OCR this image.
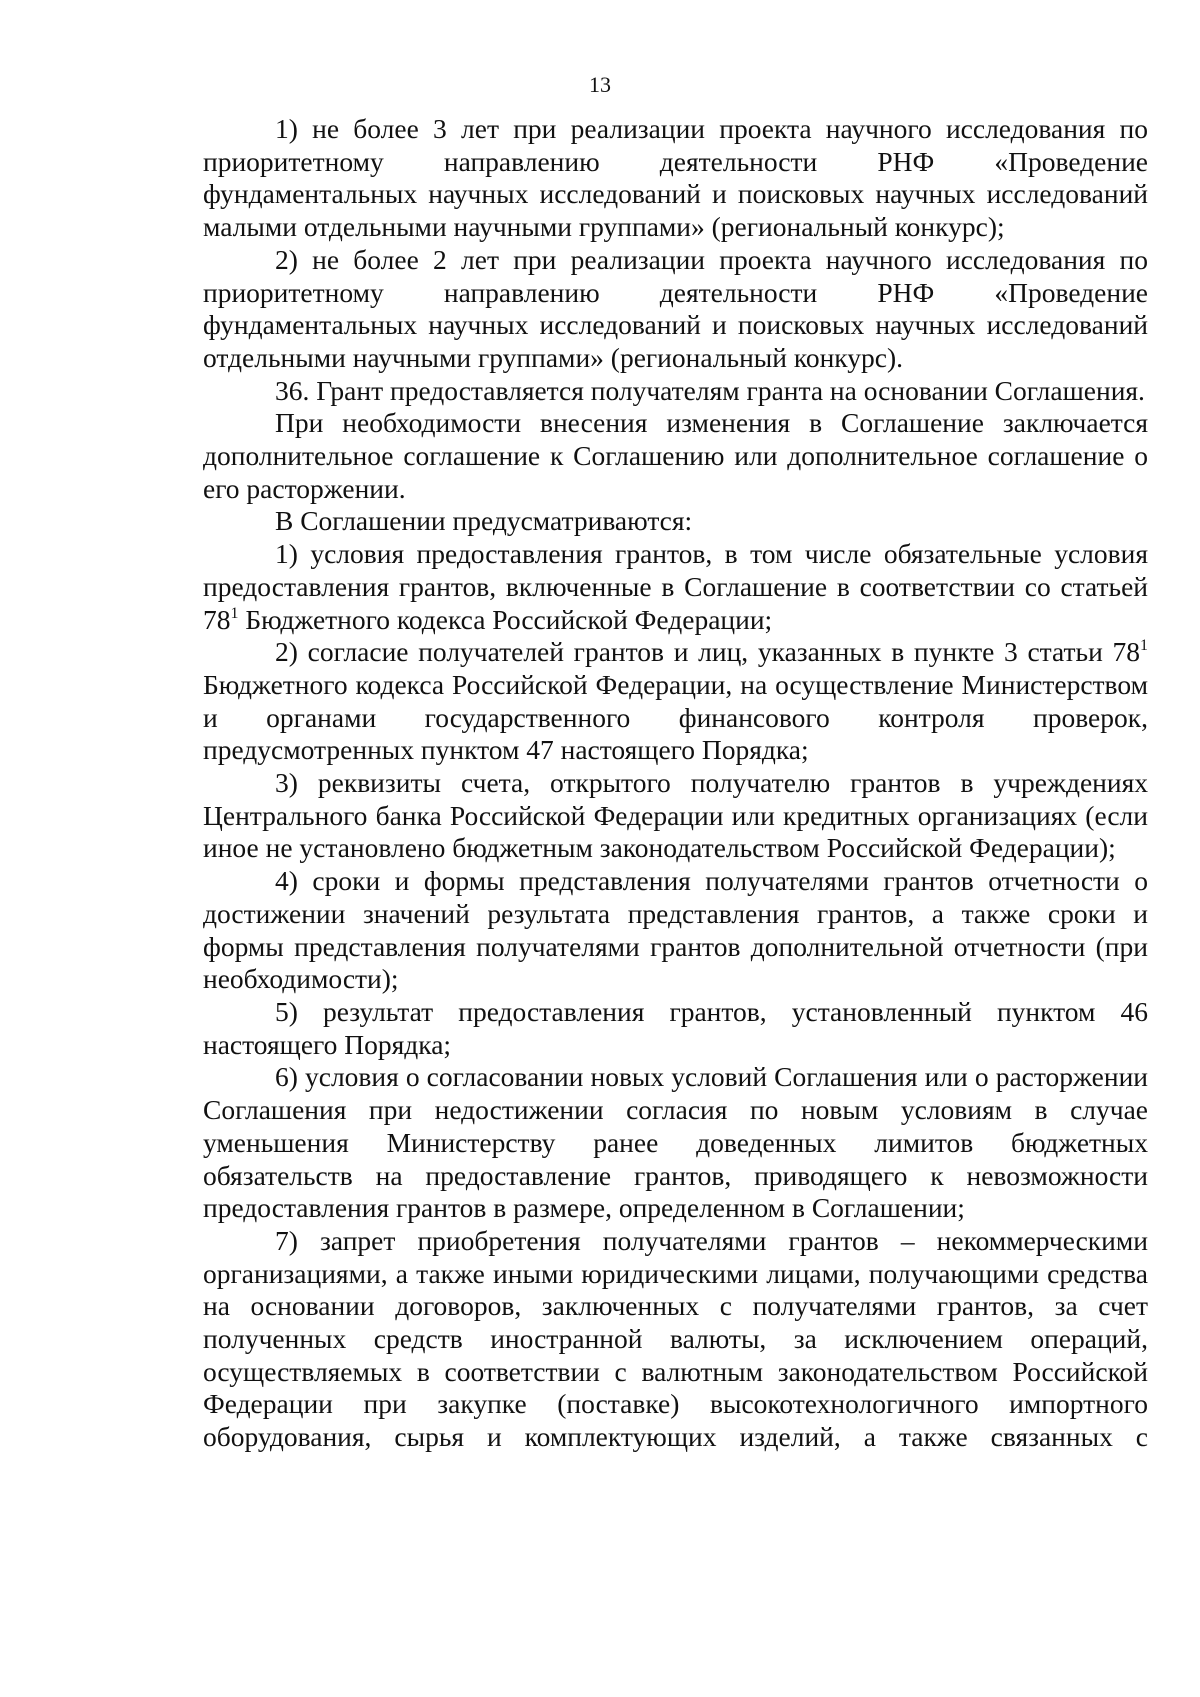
13

1) не более 3 лет при реализации проекта научного исследования по приоритетному направлению деятельности РНФ «Проведение фундаментальных научных исследований и поисковых научных исследований малыми отдельными научными группами» (региональный конкурс);

2) не более 2 лет при реализации проекта научного исследования по приоритетному направлению деятельности РНФ «Проведение фундаментальных научных исследований и поисковых научных исследований отдельными научными группами» (региональный конкурс).

36. Грант предоставляется получателям гранта на основании Соглашения.

При необходимости внесения изменения в Соглашение заключается дополнительное соглашение к Соглашению или дополнительное соглашение о его расторжении.

В Соглашении предусматриваются:

1) условия предоставления грантов, в том числе обязательные условия предоставления грантов, включенные в Соглашение в соответствии со статьей $78^1$ Бюджетного кодекса Российской Федерации;

2) согласие получателей грантов и лиц, указанных в пункте 3 статьи $78^1$ Бюджетного кодекса Российской Федерации, на осуществление Министерством и органами государственного финансового контроля проверок, предусмотренных пунктом 47 настоящего Порядка;

3) реквизиты счета, открытого получателю грантов в учреждениях Центрального банка Российской Федерации или кредитных организациях (если иное не установлено бюджетным законодательством Российской Федерации);

4) сроки и формы представления получателями грантов отчетности о достижении значений результата представления грантов, а также сроки и формы представления получателями грантов дополнительной отчетности (при необходимости);

5) результат предоставления грантов, установленный пунктом 46 настоящего Порядка;

6) условия о согласовании новых условий Соглашения или о расторжении Соглашения при недостижении согласия по новым условиям в случае уменьшения Министерству ранее доведенных лимитов бюджетных обязательств на предоставление грантов, приводящего к невозможности предоставления грантов в размере, определенном в Соглашении;

7) запрет приобретения получателями грантов – некоммерческими организациями, а также иными юридическими лицами, получающими средства на основании договоров, заключенных с получателями грантов, за счет полученных средств иностранной валюты, за исключением операций, осуществляемых в соответствии с валютным законодательством Российской Федерации при закупке (поставке) высокотехнологичного импортного оборудования, сырья и комплектующих изделий, а также связанных с
